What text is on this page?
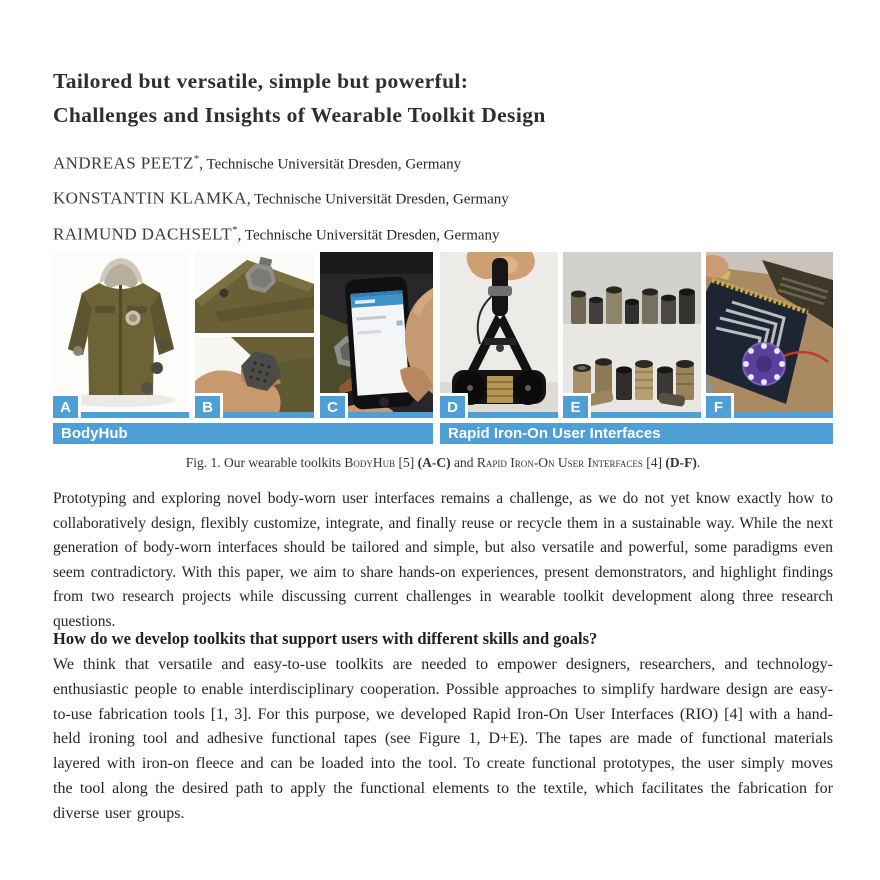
Tailored but versatile, simple but powerful:
Challenges and Insights of Wearable Toolkit Design
ANDREAS PEETZ*, Technische Universität Dresden, Germany
KONSTANTIN KLAMKA, Technische Universität Dresden, Germany
RAIMUND DACHSELT*, Technische Universität Dresden, Germany
A	B	C	D	E	F
BodyHub	Rapid Iron-On User Interfaces
Fig. 1. Our wearable toolkits BodyHub [5] (A-C) and Rapid Iron-On User Interfaces [4] (D-F).

Prototyping and exploring novel body-worn user interfaces remains a challenge, as we do not yet know exactly how to collaboratively design, flexibly customize, integrate, and finally reuse or recycle them in a sustainable way. While the next generation of body-worn interfaces should be tailored and simple, but also versatile and powerful, some paradigms even seem contradictory. With this paper, we aim to share hands-on experiences, present demonstrators, and highlight findings from two research projects while discussing current challenges in wearable toolkit development along three research questions.

How do we develop toolkits that support users with different skills and goals?

We think that versatile and easy-to-use toolkits are needed to empower designers, researchers, and technology-enthusiastic people to enable interdisciplinary cooperation. Possible approaches to simplify hardware design are easy-to-use fabrication tools [1, 3]. For this purpose, we developed Rapid Iron-On User Interfaces (RIO) [4] with a hand-held ironing tool and adhesive functional tapes (see Figure 1, D+E). The tapes are made of functional materials layered with iron-on fleece and can be loaded into the tool. To create functional prototypes, the user simply moves the tool along the desired path to apply the functional elements to the textile, which facilitates the fabrication for diverse user groups.
